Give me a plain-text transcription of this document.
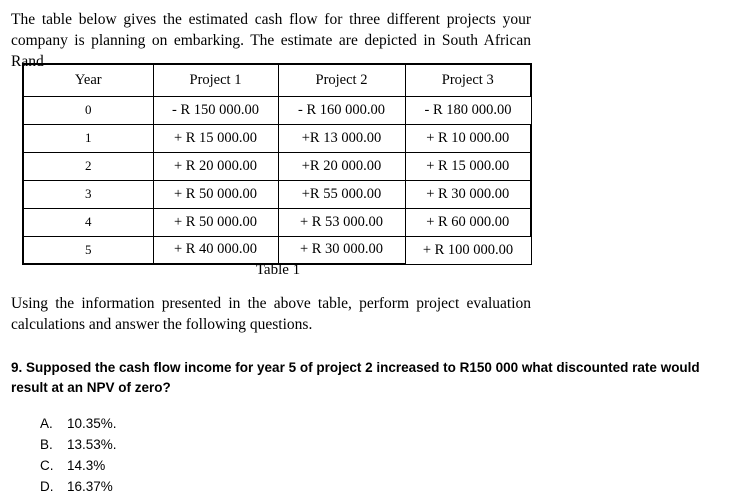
The table below gives the estimated cash flow for three different projects your company is planning on embarking. The estimate are depicted in South African Rand

Year	Project 1	Project 2	Project 3
0	- R 150 000.00	- R 160 000.00	- R 180 000.00
1	+ R 15 000.00	+R 13 000.00	+ R 10 000.00
2	+ R 20 000.00	+R 20 000.00	+ R 15 000.00
3	+ R 50 000.00	+R 55 000.00	+ R 30 000.00
4	+ R 50 000.00	+ R 53 000.00	+ R 60 000.00
5	+ R 40 000.00	+ R 30 000.00	+ R 100 000.00
Table 1

Using the information presented in the above table, perform project evaluation calculations and answer the following questions.

9. Supposed the cash flow income for year 5 of project 2 increased to R150 000 what discounted rate would result at an NPV of zero?

A. 10.35%.
B. 13.53%.
C. 14.3%
D. 16.37%
